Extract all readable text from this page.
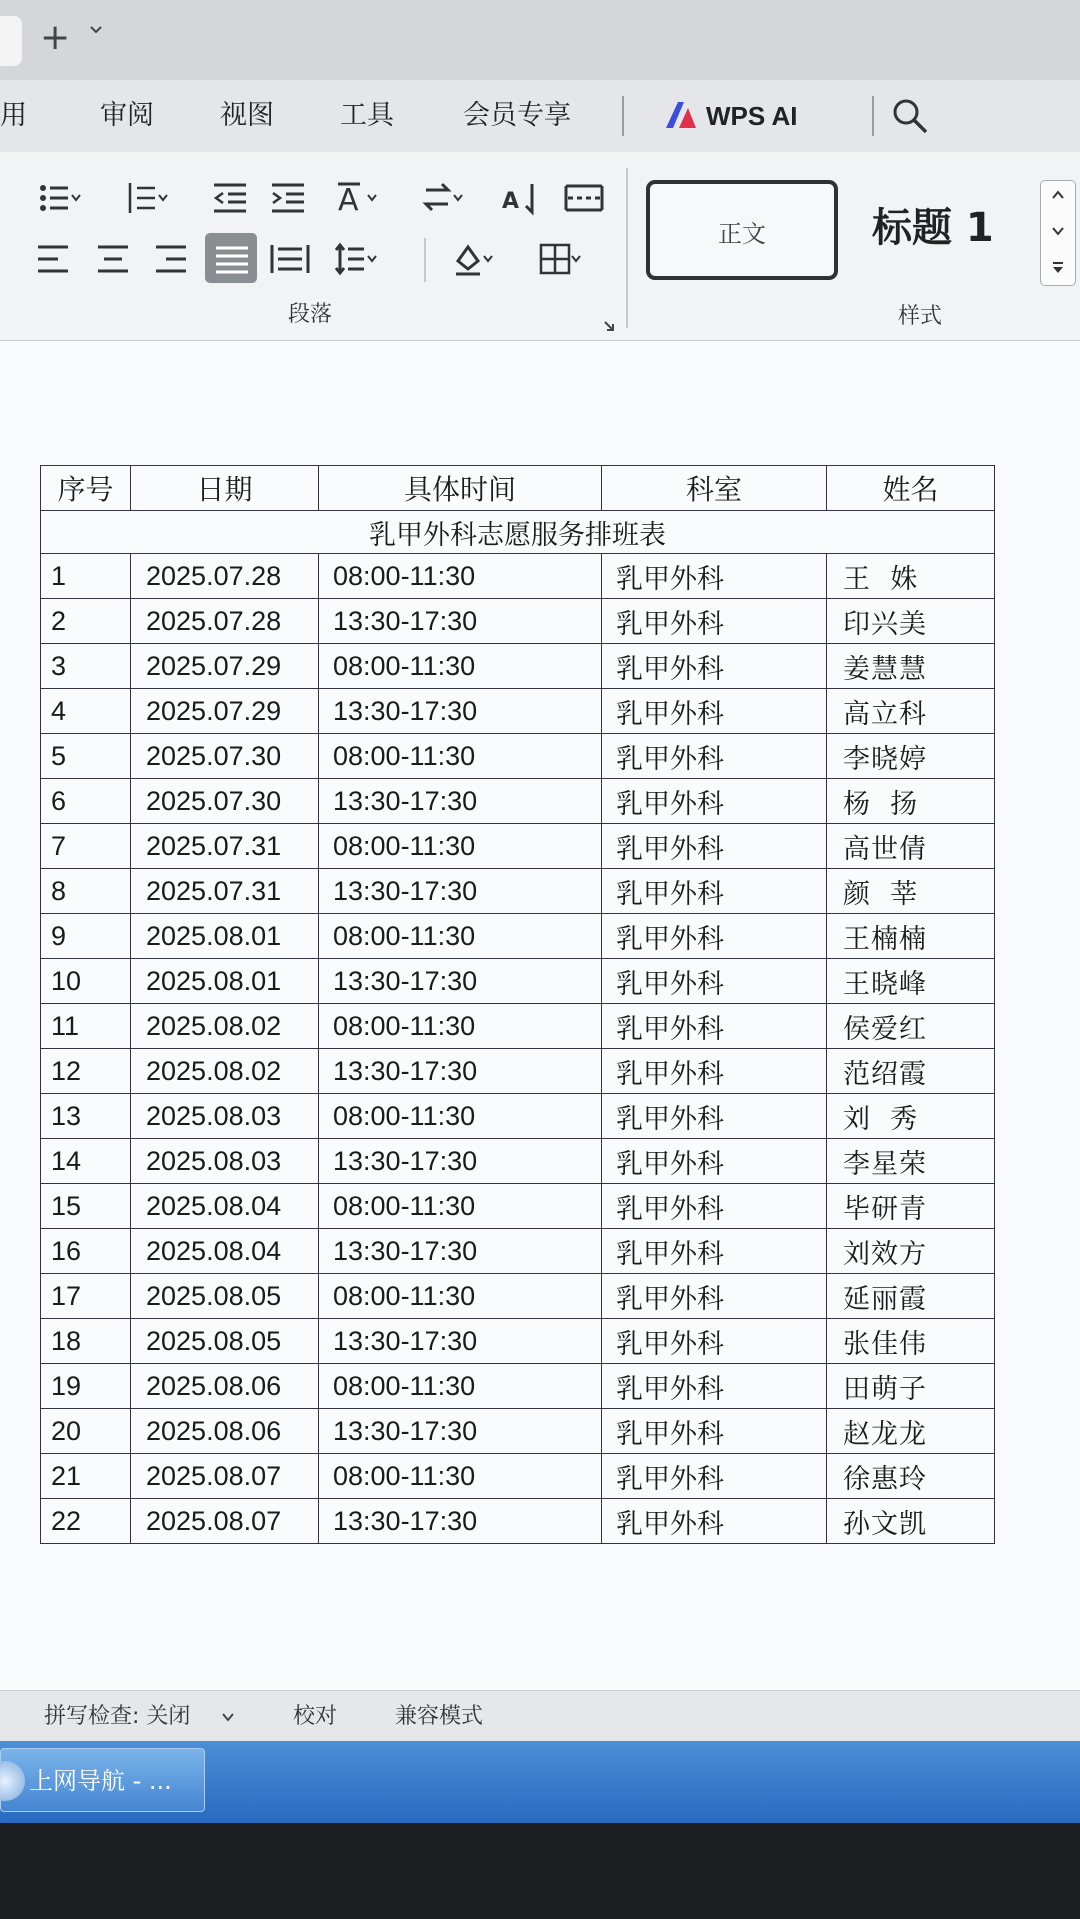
+
用	审阅 视图 工具	会员专享	WPS AI
A	A
段落
正文	标题 1
样式
乳甲外科志愿服务排班表				
序号	日期	具体时间	科室	姓名
1	2025.07.28	08:00-11:30	乳甲外科	王  姝
2	2025.07.28	13:30-17:30	乳甲外科	印兴美
3	2025.07.29	08:00-11:30	乳甲外科	姜慧慧
4	2025.07.29	13:30-17:30	乳甲外科	高立科
5	2025.07.30	08:00-11:30	乳甲外科	李晓婷
6	2025.07.30	13:30-17:30	乳甲外科	杨  扬
7	2025.07.31	08:00-11:30	乳甲外科	高世倩
8	2025.07.31	13:30-17:30	乳甲外科	颜  莘
9	2025.08.01	08:00-11:30	乳甲外科	王楠楠
10	2025.08.01	13:30-17:30	乳甲外科	王晓峰
11	2025.08.02	08:00-11:30	乳甲外科	侯爱红
12	2025.08.02	13:30-17:30	乳甲外科	范绍霞
13	2025.08.03	08:00-11:30	乳甲外科	刘  秀
14	2025.08.03	13:30-17:30	乳甲外科	李星荣
15	2025.08.04	08:00-11:30	乳甲外科	毕研青
16	2025.08.04	13:30-17:30	乳甲外科	刘效方
17	2025.08.05	08:00-11:30	乳甲外科	延丽霞
18	2025.08.05	13:30-17:30	乳甲外科	张佳伟
19	2025.08.06	08:00-11:30	乳甲外科	田萌子
20	2025.08.06	13:30-17:30	乳甲外科	赵龙龙
21	2025.08.07	08:00-11:30	乳甲外科	徐惠玲
22	2025.08.07	13:30-17:30	乳甲外科	孙文凯
拼写检查: 关闭	校对	兼容模式
上网导航 - ...
